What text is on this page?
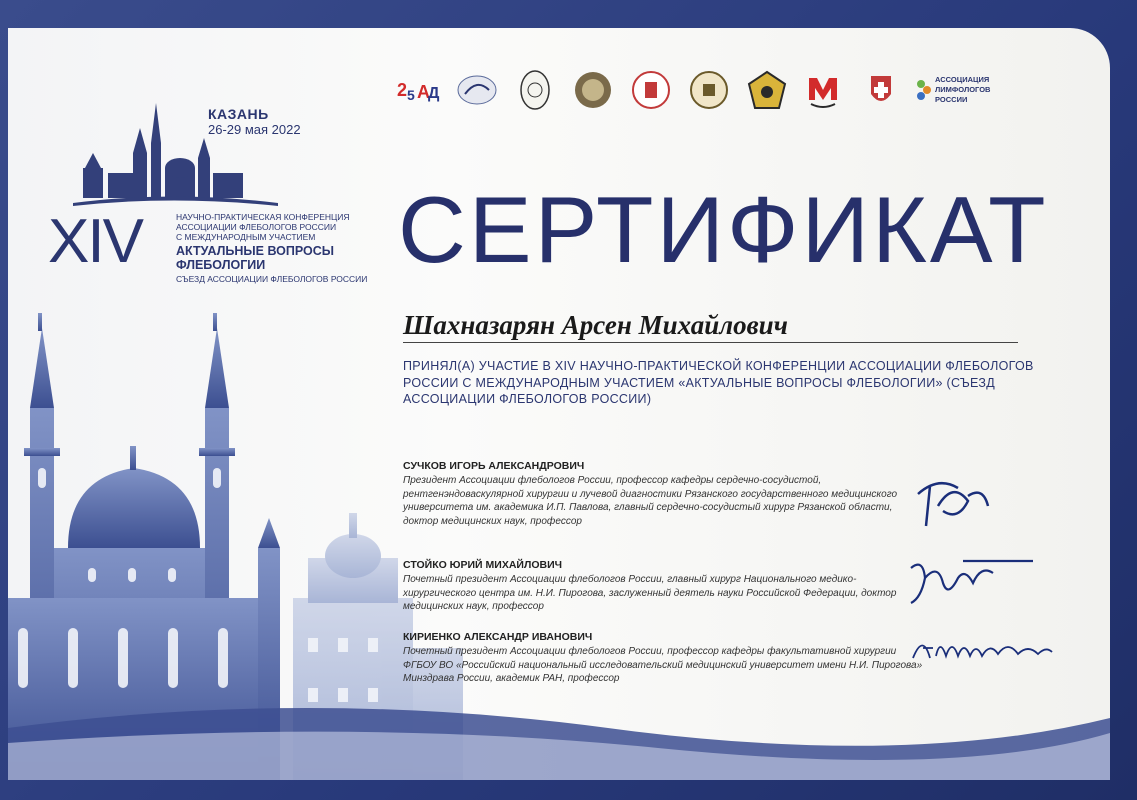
КАЗАНЬ
26-29 мая 2022
XIV	НАУЧНО-ПРАКТИЧЕСКАЯ КОНФЕРЕНЦИЯ
АССОЦИАЦИИ ФЛЕБОЛОГОВ РОССИИ
С МЕЖДУНАРОДНЫМ УЧАСТИЕМ
АКТУАЛЬНЫЕ ВОПРОСЫ
ФЛЕБОЛОГИИ
СЪЕЗД АССОЦИАЦИИ ФЛЕБОЛОГОВ РОССИИ
2 5 А
Д
АССОЦИАЦИЯ
ЛИМФОЛОГОВ
РОССИИ
СЕРТИФИКАТ
Шахназарян Арсен Михайлович
ПРИНЯЛ(А) УЧАСТИЕ В XIV НАУЧНО-ПРАКТИЧЕСКОЙ КОНФЕРЕНЦИИ АССОЦИАЦИИ ФЛЕБОЛОГОВ РОССИИ С МЕЖДУНАРОДНЫМ УЧАСТИЕМ «АКТУАЛЬНЫЕ ВОПРОСЫ ФЛЕБОЛОГИИ» (СЪЕЗД АССОЦИАЦИИ ФЛЕБОЛОГОВ РОССИИ)
СУЧКОВ ИГОРЬ АЛЕКСАНДРОВИЧ
Президент Ассоциации флебологов России, профессор кафедры сердечно-сосудистой, рентгенэндоваскулярной хирургии и лучевой диагностики Рязанского государственного медицинского университета им. академика И.П. Павлова, главный сердечно-сосудистый хирург Рязанской области, доктор медицинских наук, профессор
СТОЙКО ЮРИЙ МИХАЙЛОВИЧ
Почетный президент Ассоциации флебологов России, главный хирург Национального медико-хирургического центра им. Н.И. Пирогова, заслуженный деятель науки Российской Федерации, доктор медицинских наук, профессор
КИРИЕНКО АЛЕКСАНДР ИВАНОВИЧ
Почетный президент Ассоциации флебологов России, профессор кафедры факультативной хирургии ФГБОУ ВО «Российский национальный исследовательский медицинский университет имени Н.И. Пирогова» Минздрава России, академик РАН, профессор
